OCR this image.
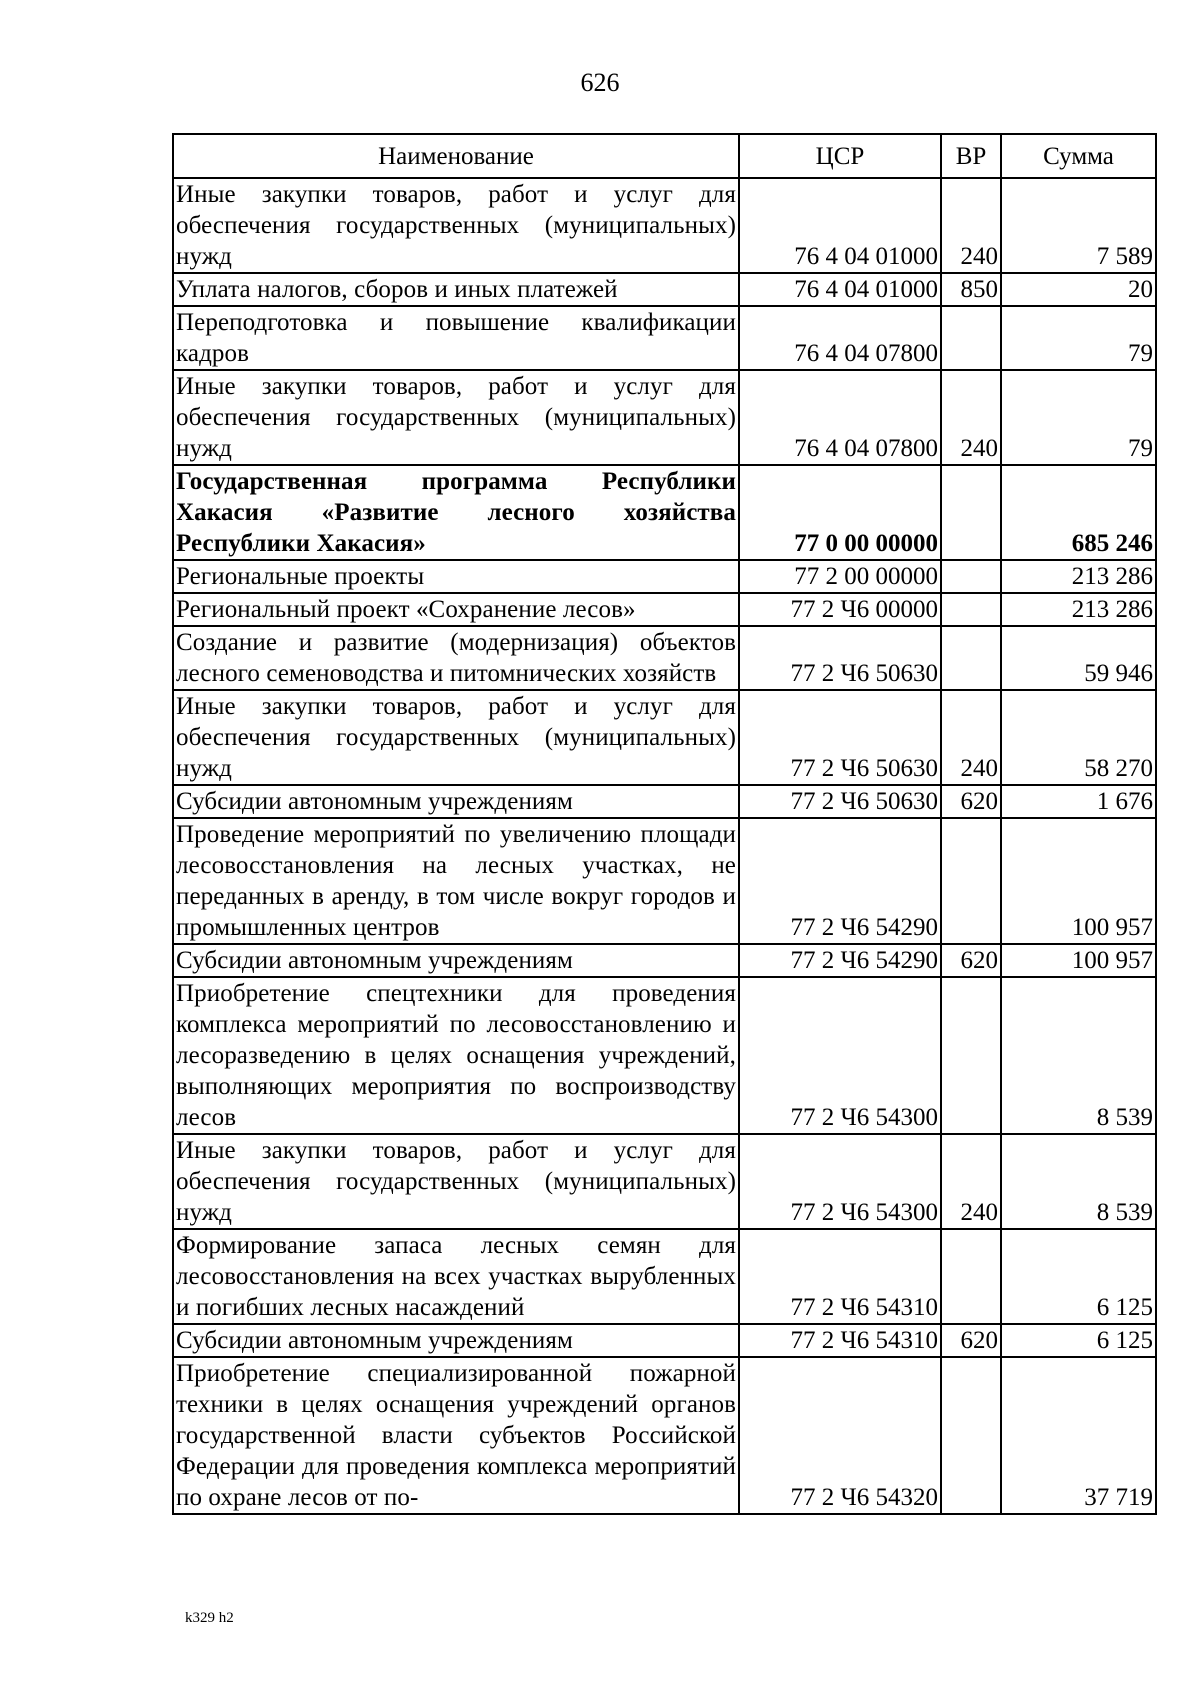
626
Наименование	ЦСР	ВР	Сумма
Иные закупки товаров, работ и услуг для обеспечения государственных (муниципальных) нужд	76 4 04 01000	240	7 589
Уплата налогов, сборов и иных платежей	76 4 04 01000	850	20
Переподготовка и повышение квалификации кадров	76 4 04 07800		79
Иные закупки товаров, работ и услуг для обеспечения государственных (муниципальных) нужд	76 4 04 07800	240	79
Государственная программа Республики Хакасия «Развитие лесного хозяйства Республики Хакасия»	77 0 00 00000		685 246
Региональные проекты	77 2 00 00000		213 286
Региональный проект «Сохранение лесов»	77 2 Ч6 00000		213 286
Создание и развитие (модернизация) объектов лесного семеноводства и питомнических хозяйств	77 2 Ч6 50630		59 946
Иные закупки товаров, работ и услуг для обеспечения государственных (муниципальных) нужд	77 2 Ч6 50630	240	58 270
Субсидии автономным учреждениям	77 2 Ч6 50630	620	1 676
Проведение мероприятий по увеличению площади лесовосстановления на лесных участках, не переданных в аренду, в том числе вокруг городов и промышленных центров	77 2 Ч6 54290		100 957
Субсидии автономным учреждениям	77 2 Ч6 54290	620	100 957
Приобретение спецтехники для проведения комплекса мероприятий по лесовосстановлению и лесоразведению в целях оснащения учреждений, выполняющих мероприятия по воспроизводству лесов	77 2 Ч6 54300		8 539
Иные закупки товаров, работ и услуг для обеспечения государственных (муниципальных) нужд	77 2 Ч6 54300	240	8 539
Формирование запаса лесных семян для лесовосстановления на всех участках вырубленных и погибших лесных насаждений	77 2 Ч6 54310		6 125
Субсидии автономным учреждениям	77 2 Ч6 54310	620	6 125
Приобретение специализированной пожарной техники в целях оснащения учреждений органов государственной власти субъектов Российской Федерации для проведения комплекса мероприятий по охране лесов от по-	77 2 Ч6 54320		37 719
k329 h2
